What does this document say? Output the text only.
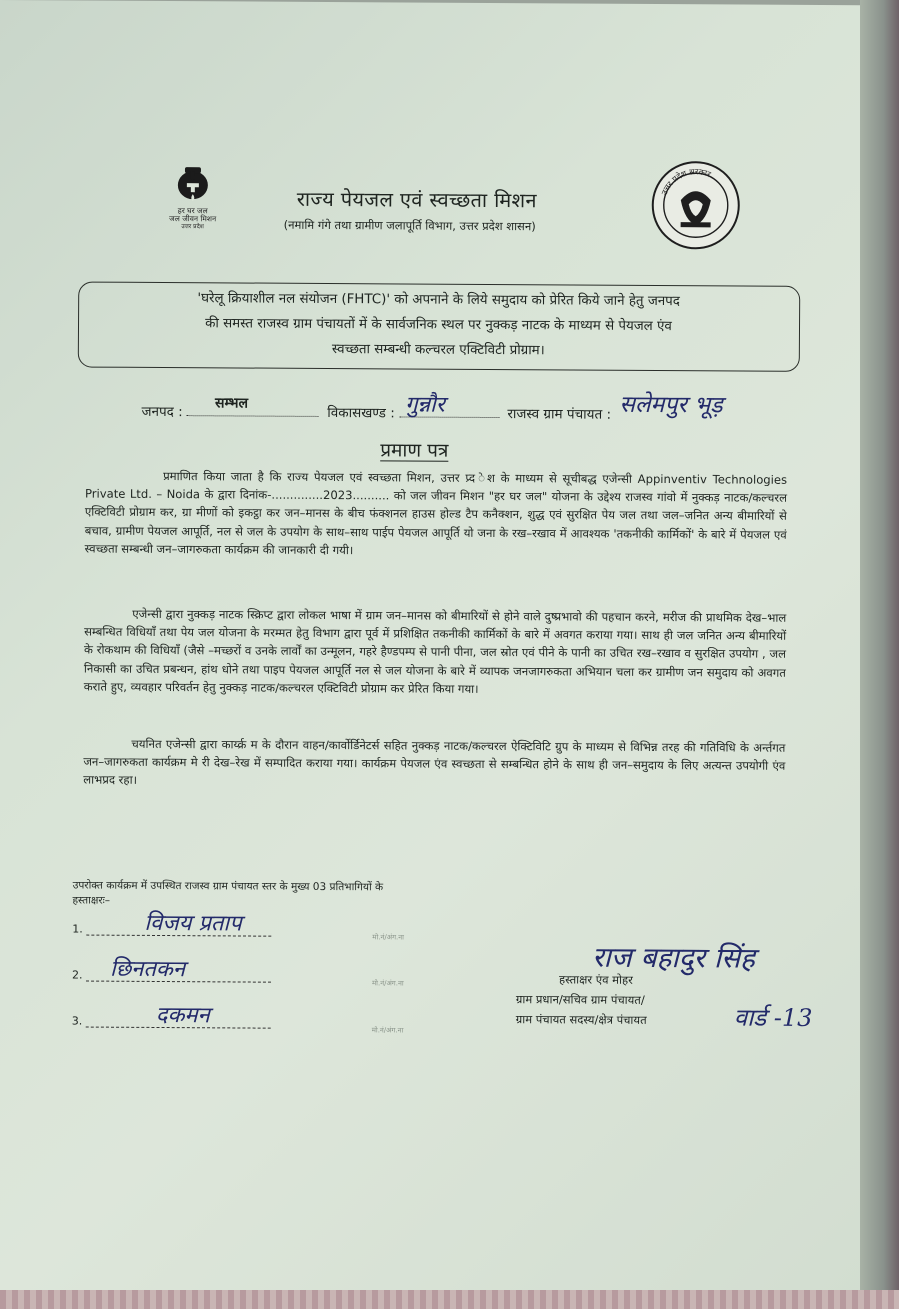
हर घर जल
जल जीवन मिशन
उत्तर प्रदेश
राज्य पेयजल एवं स्वच्छता मिशन
(नमामि गंगे तथा ग्रामीण जलापूर्ति विभाग, उत्तर प्रदेश शासन)
उत्तर प्रदेश सरकार
'घरेलू क्रियाशील नल संयोजन (FHTC)' को अपनाने के लिये समुदाय को प्रेरित किये जाने हेतु जनपद
की समस्त राजस्व ग्राम पंचायतों में के सार्वजनिक स्थल पर नुक्कड़ नाटक के माध्यम से पेयजल एंव
स्वच्छता सम्बन्धी कल्चरल एक्टिविटी प्रोग्राम।
जनपद :
सम्भल
विकासखण्ड : गुन्नौर	राजस्व ग्राम पंचायत : सलेमपुर भूड़
प्रमाण पत्र
प्रमाणित किया जाता है कि राज्य पेयजल एवं स्वच्छता मिशन, उत्तर प्र्द ेश के माध्यम से सूचीबद्ध एजेन्सी Appinventiv Technologies Private Ltd. – Noida के द्वारा दिनांक-..............2023.......... को जल जीवन मिशन "हर घर जल" योजना के उद्देश्य राजस्व गांवो में नुक्कड़ नाटक/कल्चरल एक्टिविटी प्रोग्राम कर, ग्रा मीणों को इकट्ठा कर जन–मानस के बीच फंक्शनल हाउस होल्ड टैप कनैक्शन, शुद्ध एवं सुरक्षित पेय जल तथा जल–जनित अन्य बीमारियों से बचाव, ग्रामीण पेयजल आपूर्ति, नल से जल के उपयोग के साथ–साथ पाईप पेयजल आपूर्ति यो जना के रख–रखाव में आवश्यक 'तकनीकी कार्मिकों' के बारे में पेयजल एवं स्वच्छता सम्बन्धी जन–जागरुकता कार्यक्रम की जानकारी दी गयी।
एजेन्सी द्वारा नुक्कड़ नाटक स्क्रिप्ट द्वारा लोकल भाषा में ग्राम जन–मानस को बीमारियों से होने वाले दुष्प्रभावो की पहचान करने, मरीज की प्राथमिक देख–भाल सम्बन्धित विधियॉं तथा पेय जल योजना के मरम्मत हेतु विभाग द्वारा पूर्व में प्रशिक्षित तकनीकी कार्मिकों के बारे में अवगत कराया गया। साथ ही जल जनित अन्य बीमारियों के रोकथाम की विधियॉं (जैसे –मच्छरों व उनके लार्वों का उन्मूलन, गहरे हैण्डपम्प से पानी पीना, जल स्रोत एवं पीने के पानी का उचित रख–रखाव व सुरक्षित उपयोग , जल निकासी का उचित प्रबन्धन, हांथ धोने तथा पाइप पेयजल आपूर्ति नल से जल योजना के बारे में व्यापक जनजागरुकता अभियान चला कर ग्रामीण जन समुदाय को अवगत कराते हुए, व्यवहार परिवर्तन हेतु नुक्कड़ नाटक/कल्चरल एक्टिविटी प्रोग्राम कर प्रेरित किया गया।
चयनित एजेन्सी द्वारा कार्य्क्र म के दौरान वाहन/कार्वोर्डिनेटर्स सहित नुक्कड़ नाटक/कल्चरल ऐक्टिविटि ग्रुप के माध्यम से विभिन्न तरह की गतिविधि के अर्न्तगत जन–जागरुकता कार्यक्रम मे री देख–रेख में सम्पादित कराया गया। कार्यक्रम पेयजल एंव स्वच्छता से सम्बन्धित होने के साथ ही जन–समुदाय के लिए अत्यन्त उपयोगी एंव लाभप्रद रहा।
उपरोक्त कार्यक्रम में उपस्थित राजस्व ग्राम पंचायत स्तर के मुख्य 03 प्रतिभागियों के
हस्ताक्षरः–
1.	विजय प्रताप
मो.नं/अंग.ना
2. छिनतकन
मो.नं/अंग.ना
3.	दकमन
मो.नं/अंग.ना
राज बहादुर सिंह
वार्ड -13
हस्ताक्षर एंव मोहर
ग्राम प्रधान/सचिव ग्राम पंचायत/
ग्राम पंचायत सदस्य/क्षेत्र पंचायत
